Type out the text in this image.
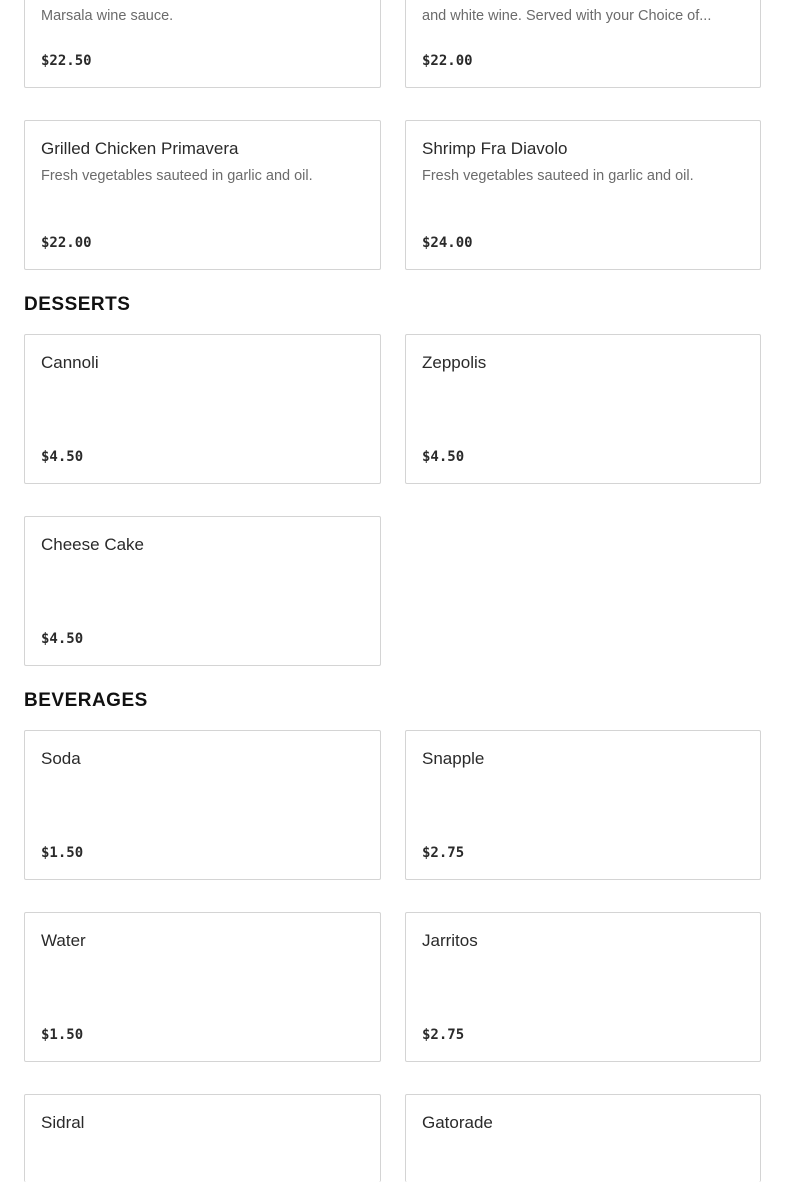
Marsala wine sauce.
$22.50
and white wine. Served with your Choice of...
$22.00
Grilled Chicken Primavera
Fresh vegetables sauteed in garlic and oil.
$22.00
Shrimp Fra Diavolo
Fresh vegetables sauteed in garlic and oil.
$24.00
DESSERTS
Cannoli
$4.50
Zeppolis
$4.50
Cheese Cake
$4.50
BEVERAGES
Soda
$1.50
Snapple
$2.75
Water
$1.50
Jarritos
$2.75
Sidral	Gatorade
